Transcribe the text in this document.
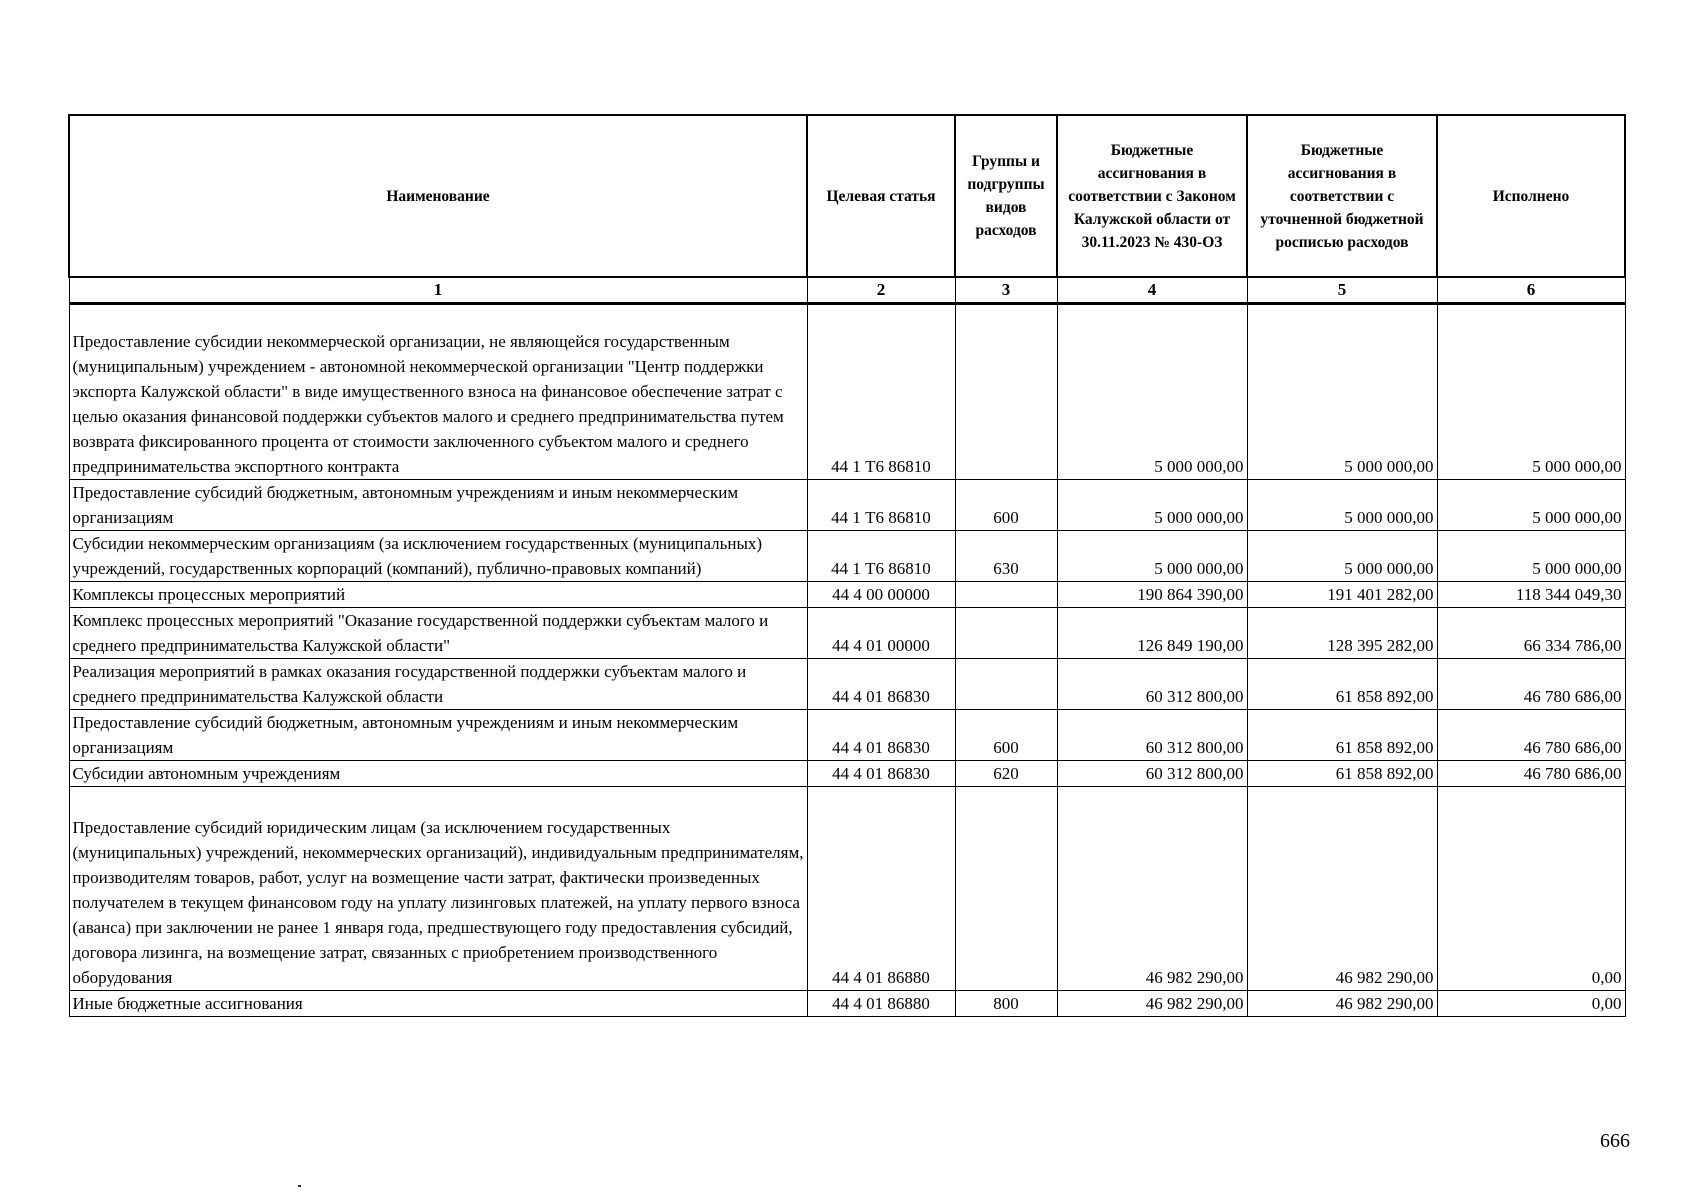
Наименование	Целевая статья	Группы и подгруппы видов расходов	Бюджетные ассигнования в соответствии с Законом Калужской области от 30.11.2023 № 430-ОЗ	Бюджетные ассигнования в соответствии с уточненной бюджетной росписью расходов	Исполнено
1	2	3	4	5	6
Предоставление субсидии некоммерческой организации, не являющейся государственным (муниципальным) учреждением - автономной некоммерческой организации "Центр поддержки экспорта Калужской области" в виде имущественного взноса на финансовое обеспечение затрат с целью оказания финансовой поддержки субъектов малого и среднего предпринимательства путем возврата фиксированного процента от стоимости заключенного субъектом малого и среднего предпринимательства экспортного контракта	44 1 Т6 86810		5 000 000,00	5 000 000,00	5 000 000,00
Предоставление субсидий бюджетным, автономным учреждениям и иным некоммерческим организациям	44 1 Т6 86810	600	5 000 000,00	5 000 000,00	5 000 000,00
Субсидии некоммерческим организациям (за исключением государственных (муниципальных) учреждений, государственных корпораций (компаний), публично-правовых компаний)	44 1 Т6 86810	630	5 000 000,00	5 000 000,00	5 000 000,00
Комплексы процессных мероприятий	44 4 00 00000		190 864 390,00	191 401 282,00	118 344 049,30
Комплекс процессных мероприятий "Оказание государственной поддержки субъектам малого и среднего предпринимательства Калужской области"	44 4 01 00000		126 849 190,00	128 395 282,00	66 334 786,00
Реализация мероприятий в рамках оказания государственной поддержки субъектам малого и среднего предпринимательства Калужской области	44 4 01 86830		60 312 800,00	61 858 892,00	46 780 686,00
Предоставление субсидий бюджетным, автономным учреждениям и иным некоммерческим организациям	44 4 01 86830	600	60 312 800,00	61 858 892,00	46 780 686,00
Субсидии автономным учреждениям	44 4 01 86830	620	60 312 800,00	61 858 892,00	46 780 686,00
Предоставление субсидий юридическим лицам (за исключением государственных (муниципальных) учреждений, некоммерческих организаций), индивидуальным предпринимателям, производителям товаров, работ, услуг на возмещение части затрат, фактически произведенных получателем в текущем финансовом году на уплату лизинговых платежей, на уплату первого взноса (аванса) при заключении не ранее 1 января года, предшествующего году предоставления субсидий, договора лизинга, на возмещение затрат, связанных с приобретением производственного оборудования	44 4 01 86880		46 982 290,00	46 982 290,00	0,00
Иные бюджетные ассигнования	44 4 01 86880	800	46 982 290,00	46 982 290,00	0,00
666
